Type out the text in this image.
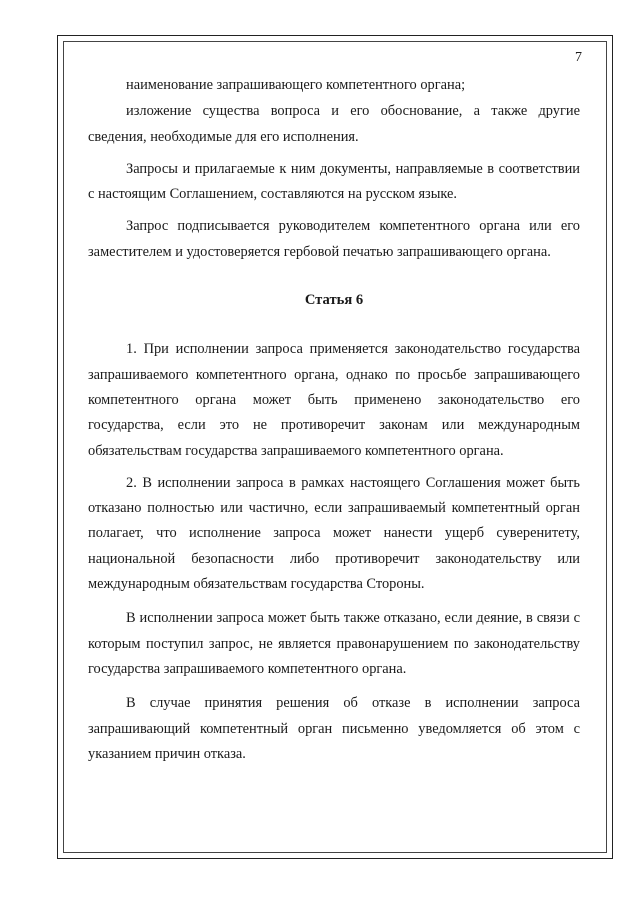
7

наименование запрашивающего компетентного органа;

изложение существа вопроса и его обоснование, а также другие сведения, необходимые для его исполнения.

Запросы и прилагаемые к ним документы, направляемые в соответствии с настоящим Соглашением, составляются на русском языке.

Запрос подписывается руководителем компетентного органа или его заместителем и удостоверяется гербовой печатью запрашивающего органа.

Статья 6

1. При исполнении запроса применяется законодательство государства запрашиваемого компетентного органа, однако по просьбе запрашивающего компетентного органа может быть применено законодательство его государства, если это не противоречит законам или международным обязательствам государства запрашиваемого компетентного органа.

2. В исполнении запроса в рамках настоящего Соглашения может быть отказано полностью или частично, если запрашиваемый компетентный орган полагает, что исполнение запроса может нанести ущерб суверенитету, национальной безопасности либо противоречит законодательству или международным обязательствам государства Стороны.

В исполнении запроса может быть также отказано, если деяние, в связи с которым поступил запрос, не является правонарушением по законодательству государства запрашиваемого компетентного органа.

В случае принятия решения об отказе в исполнении запроса запрашивающий компетентный орган письменно уведомляется об этом с указанием причин отказа.
